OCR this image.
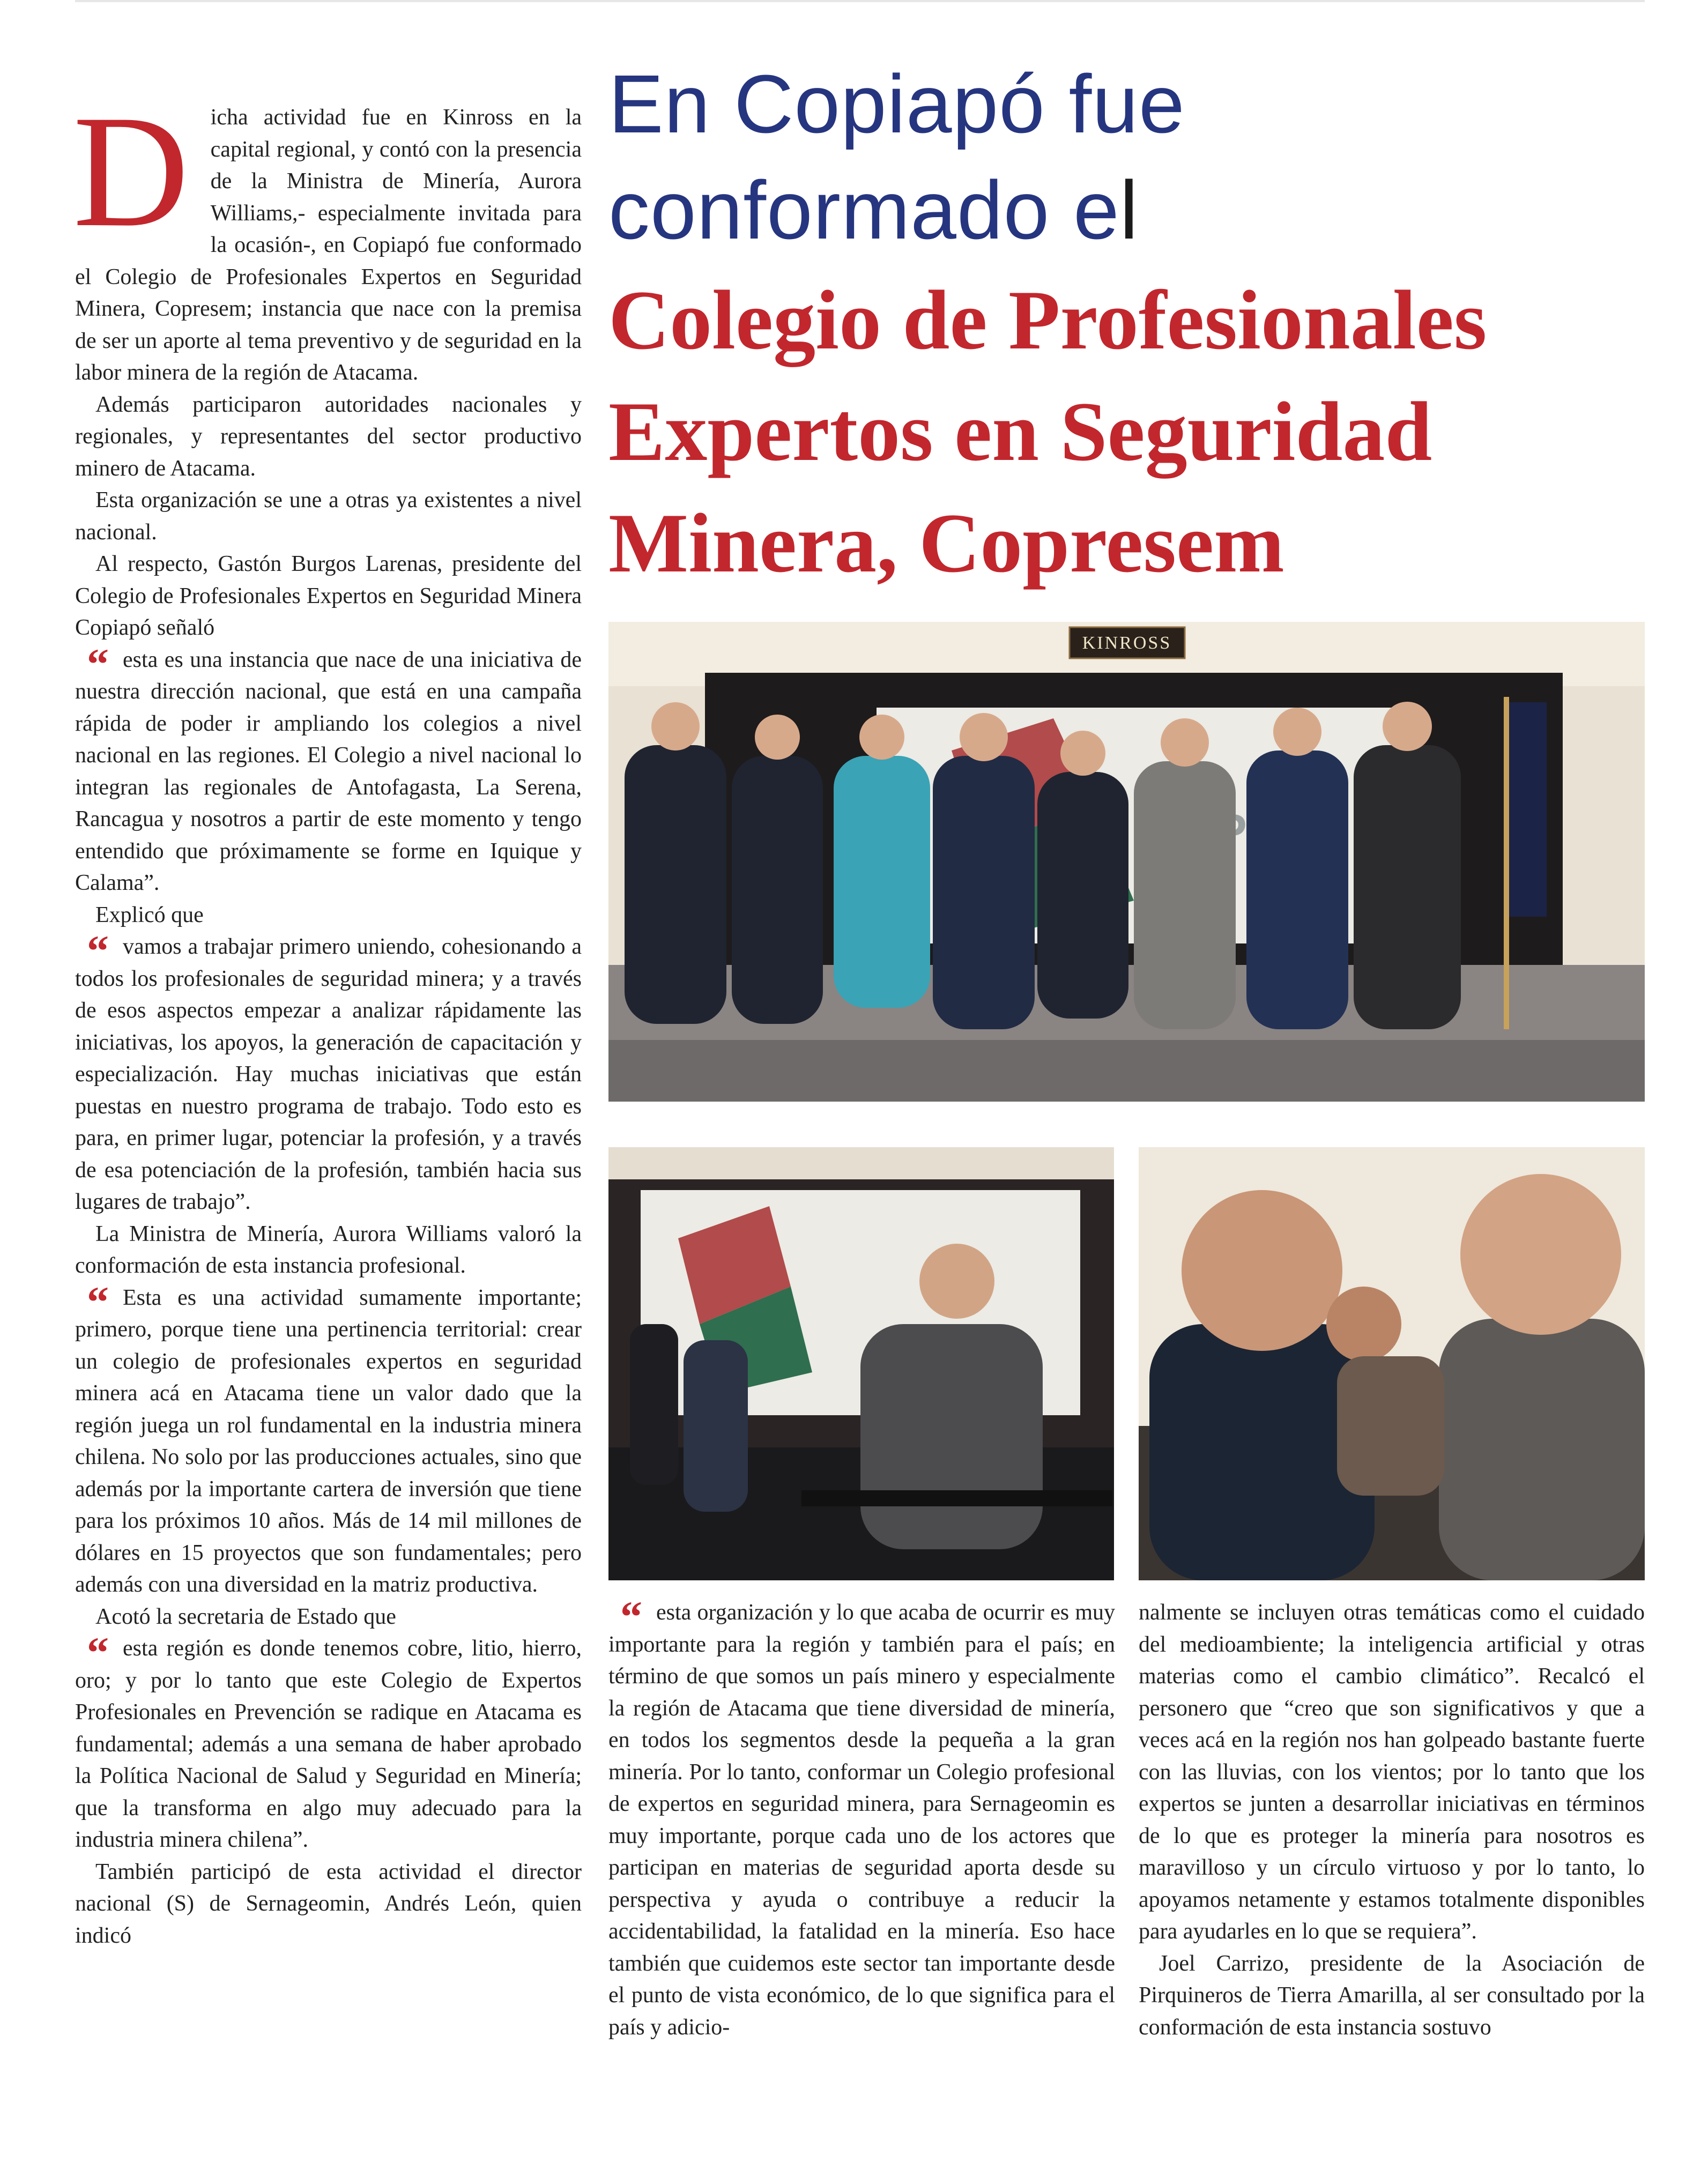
En Copiapó fue
conformado el
Colegio de Profesionales
Expertos en Seguridad
Minera, Copresem

Dicha actividad fue en Kinross en la capital regional, y contó con la presencia de la Ministra de Minería, Aurora Williams,- especialmente invitada para la ocasión-, en Copiapó fue conformado el Colegio de Profesionales Expertos en Seguridad Minera, Copresem; instancia que nace con la premisa de ser un aporte al tema preventivo y de seguridad en la labor minera de la región de Atacama.

Además participaron autoridades nacionales y regionales, y representantes del sector productivo minero de Atacama.

Esta organización se une a otras ya existentes a nivel nacional.

Al respecto, Gastón Burgos Larenas, presidente del Colegio de Profesionales Expertos en Seguridad Minera Copiapó señaló

“ esta es una instancia que nace de una iniciativa de nuestra dirección nacional, que está en una campaña rápida de poder ir ampliando los colegios a nivel nacional en las regiones. El Colegio a nivel nacional lo integran las regionales de Antofagasta, La Serena, Rancagua y nosotros a partir de este momento y tengo entendido que próximamente se forme en Iquique y Calama”.

Explicó que

“ vamos a trabajar primero uniendo, cohesionando a todos los profesionales de seguridad minera; y a través de esos aspectos empezar a analizar rápidamente las iniciativas, los apoyos, la generación de capacitación y especialización. Hay muchas iniciativas que están puestas en nuestro programa de trabajo. Todo esto es para, en primer lugar, potenciar la profesión, y a través de esa potenciación de la profesión, también hacia sus lugares de trabajo”.

La Ministra de Minería, Aurora Williams valoró la conformación de esta instancia profesional.

“ Esta es una actividad sumamente importante; primero, porque tiene una pertinencia territorial: crear un colegio de profesionales expertos en seguridad minera acá en Atacama tiene un valor dado que la región juega un rol fundamental en la industria minera chilena. No solo por las producciones actuales, sino que además por la importante cartera de inversión que tiene para los próximos 10 años. Más de 14 mil millones de dólares en 15 proyectos que son fundamentales; pero además con una diversidad en la matriz productiva.

Acotó la secretaria de Estado que

“ esta región es donde tenemos cobre, litio, hierro, oro; y por lo tanto que este Colegio de Expertos Profesionales en Prevención se radique en Atacama es fundamental; además a una semana de haber aprobado la Política Nacional de Salud y Seguridad en Minería; que la transforma en algo muy adecuado para la industria minera chilena”.

También participó de esta actividad el director nacional (S) de Sernageomin, Andrés León, quien indicó

KINROSS

“ esta organización y lo que acaba de ocurrir es muy importante para la región y también para el país; en término de que somos un país minero y especialmente la región de Atacama que tiene diversidad de minería, en todos los segmentos desde la pequeña a la gran minería. Por lo tanto, conformar un Colegio profesional de expertos en seguridad minera, para Sernageomin es muy importante, porque cada uno de los actores que participan en materias de seguridad aporta desde su perspectiva y ayuda o contribuye a reducir la accidentabilidad, la fatalidad en la minería. Eso hace también que cuidemos este sector tan importante desde el punto de vista económico, de lo que significa para el país y adicio-

nalmente se incluyen otras temáticas como el cuidado del medioambiente; la inteligencia artificial y otras materias como el cambio climático”. Recalcó el personero que “creo que son significativos y que a veces acá en la región nos han golpeado bastante fuerte con las lluvias, con los vientos; por lo tanto que los expertos se junten a desarrollar iniciativas en términos de lo que es proteger la minería para nosotros es maravilloso y un círculo virtuoso y por lo tanto, lo apoyamos netamente y estamos totalmente disponibles para ayudarles en lo que se requiera”.

Joel Carrizo, presidente de la Asociación de Pirquineros de Tierra Amarilla, al ser consultado por la conformación de esta instancia sostuvo
